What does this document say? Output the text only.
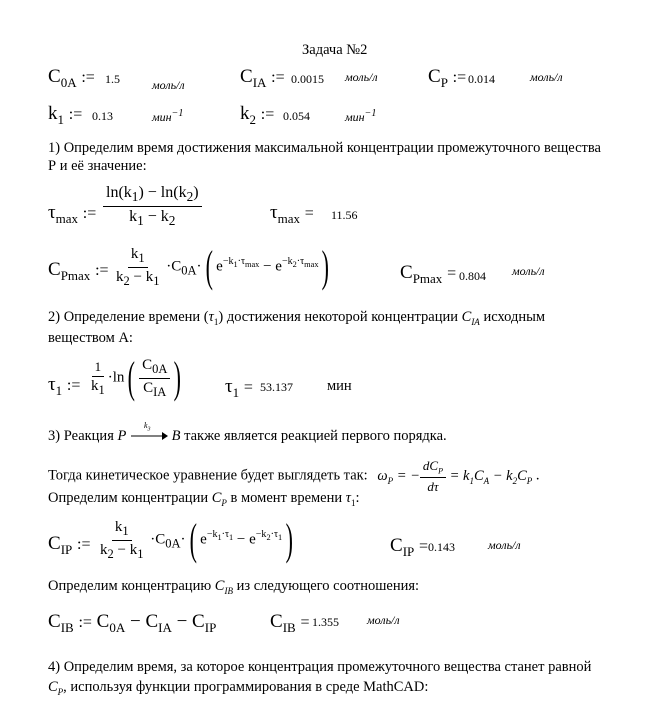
Задача №2
$C_{0A}$ := 1.5	моль/л	$C_{IA}$ := 0.0015 моль/л	$C_P$ := 0.014	моль/л
$k_1$ := 0.13	мин$^{-1}$	$k_2$ := 0.054	мин$^{-1}$
1) Определим время достижения максимальной концентрации промежуточного вещества
Р и её значение:
$\tau_{max}$ := $\frac{\ln(k_1) - \ln(k_2)}{k_1 - k_2}$	$\tau_{max} = 11.56$
$C_{Pmax}$ := $\frac{k_1}{k_2 - k_1} \cdot C_{0A}\cdot$( $e^{-k_1\cdot\tau_{max}} - e^{-k_2\cdot\tau_{max}}$)	$C_{Pmax} = 0.804$ моль/л
2) Определение времени $(\tau_1)$ достижения некоторой концентрации $C_{IA}$ исходным
веществом А:
$\tau_1$ := $\frac{1}{k_1} \cdot\ln( \frac{C_{0A}}{C_{IA}}$ ) $\tau_1 = 53.137$ мин
3) Реакция P
$k_3$ B также является реакцией первого порядка.
Тогда кинетическое уравнение будет выглядеть так: $\omega_P$ = − $\frac{dC_P}{d\tau} = k_1C_A - k_2C_P$ .
Определим концентрации $C_P$ в момент времени $\tau_1$:
$C_{IP}$ := $\frac{k_1}{k_2 - k_1} \cdot C_{0A}\cdot$( $e^{-k_1\cdot\tau_1} - e^{-k_2\cdot\tau_1}$)	$C_{IP} = 0.143$	моль/л
Определим концентрацию $C_{IB}$ из следующего соотношения:
$C_{IB}$ := $C_{0A} - C_{IA} - C_{IP}$	$C_{IB} = 1.355$ моль/л
4) Определим время, за которое концентрация промежуточного вещества станет равной
$C_P$, используя функции программирования в среде MathCAD:
